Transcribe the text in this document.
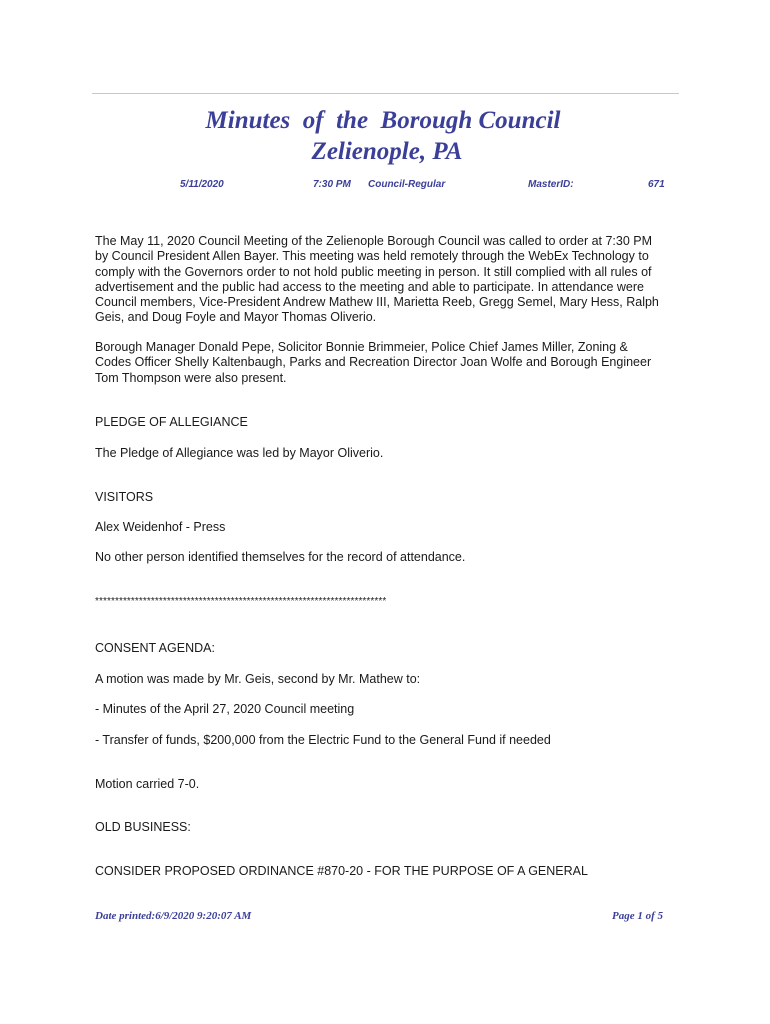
Minutes  of  the  Borough Council
Zelienople, PA
5/11/2020	7:30 PM Council-Regular	MasterID:	671
The May 11, 2020 Council Meeting of the Zelienople Borough Council was called to order at 7:30 PM
by Council President Allen Bayer. This meeting was held remotely through the WebEx Technology to
comply with the Governors order to not hold public meeting in person. It still complied with all rules of
advertisement and the public had access to the meeting and able to participate. In attendance were
Council members, Vice-President Andrew Mathew III, Marietta Reeb, Gregg Semel, Mary Hess, Ralph
Geis, and Doug Foyle and Mayor Thomas Oliverio.
Borough Manager Donald Pepe, Solicitor Bonnie Brimmeier, Police Chief James Miller, Zoning &
Codes Officer Shelly Kaltenbaugh, Parks and Recreation Director Joan Wolfe and Borough Engineer
Tom Thompson were also present.
PLEDGE OF ALLEGIANCE
The Pledge of Allegiance was led by Mayor Oliverio.
VISITORS
Alex Weidenhof - Press
No other person identified themselves for the record of attendance.
*************************************************************************
CONSENT AGENDA:
A motion was made by Mr. Geis, second by Mr. Mathew to:
- Minutes of the April 27, 2020 Council meeting
- Transfer of funds, $200,000 from the Electric Fund to the General Fund if needed
Motion carried 7-0.
OLD BUSINESS:
CONSIDER PROPOSED ORDINANCE #870-20 - FOR THE PURPOSE OF A GENERAL
Date printed:6/9/2020 9:20:07 AM	Page 1 of 5
